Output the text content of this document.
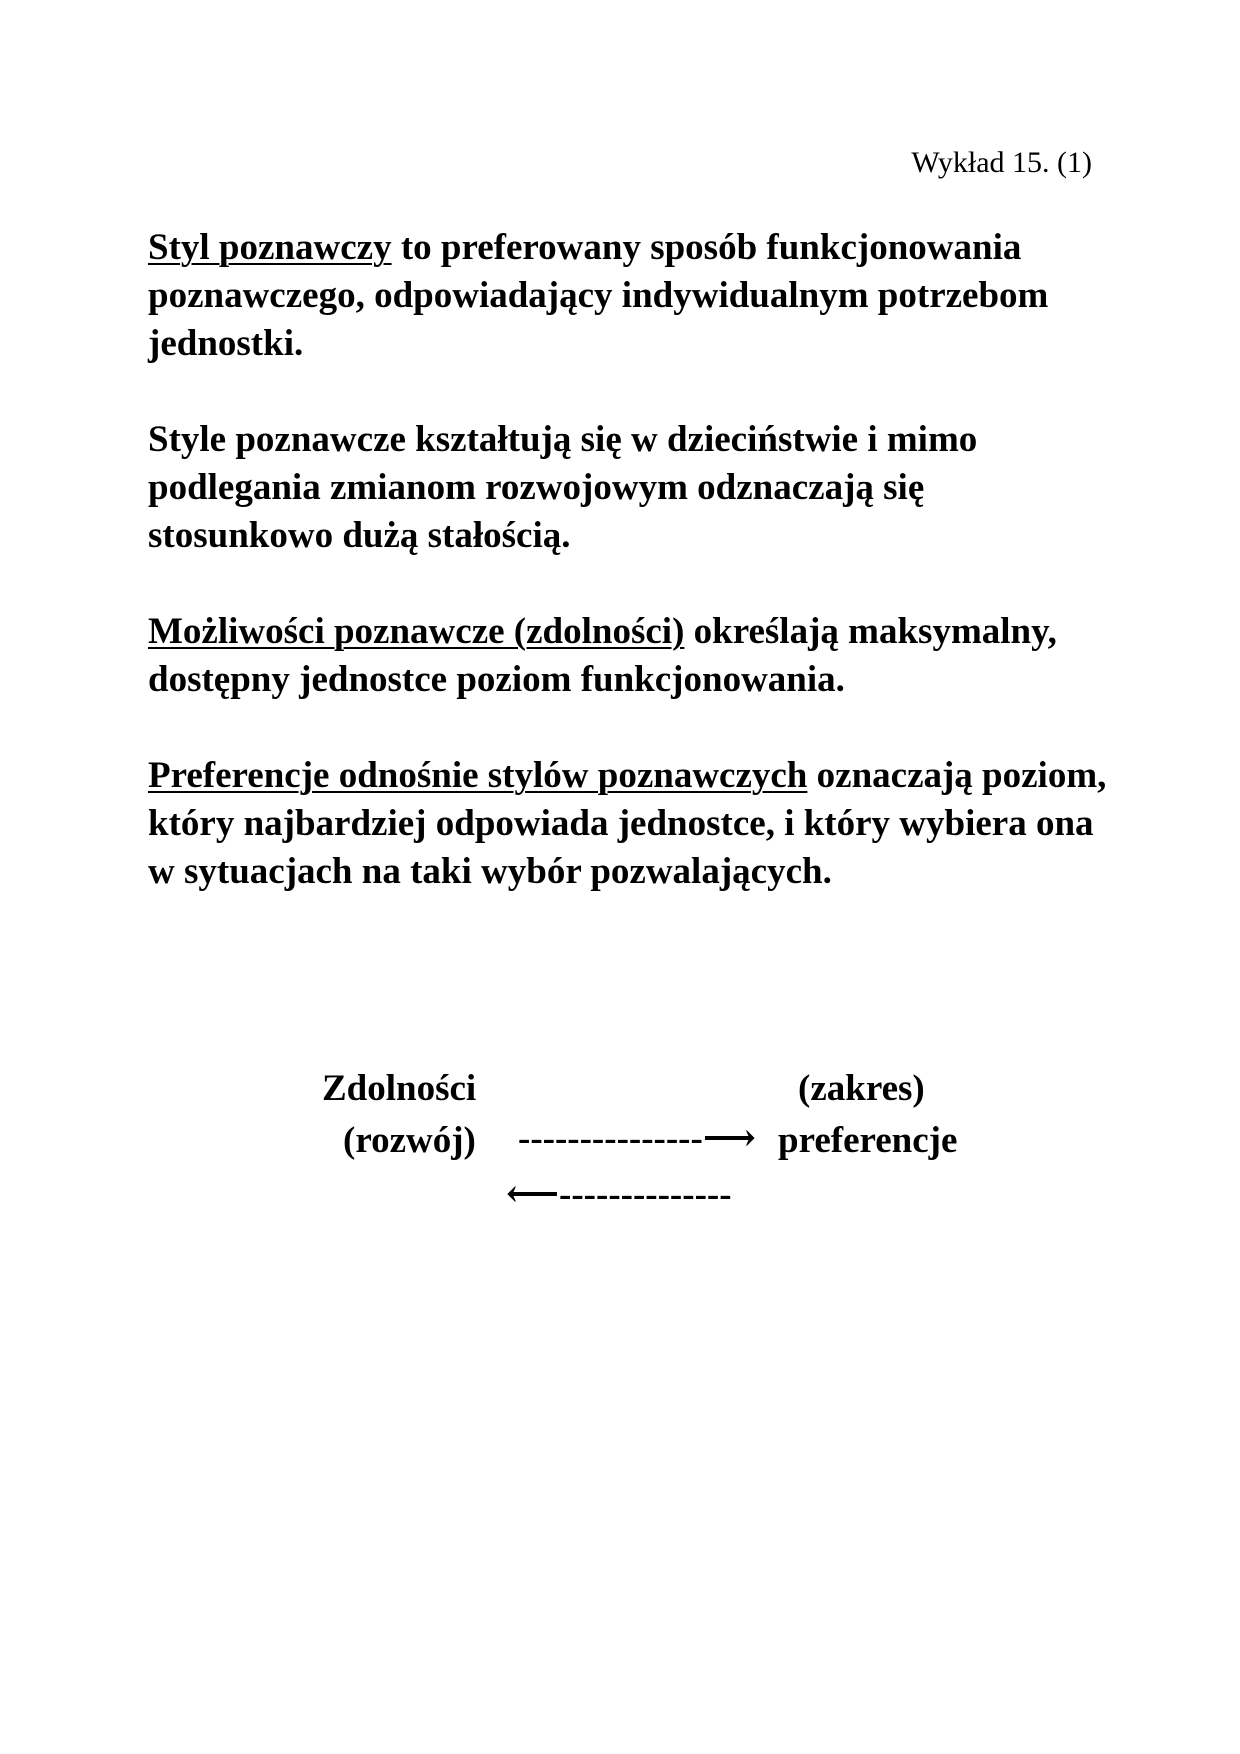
Wykład 15. (1)

Styl poznawczy to preferowany sposób funkcjonowania poznawczego, odpowiadający indywidualnym potrzebom jednostki.

Style poznawcze kształtują się w dzieciństwie i mimo podlegania zmianom rozwojowym odznaczają się stosunkowo dużą stałością.

Możliwości poznawcze (zdolności) określają maksymalny, dostępny jednostce poziom funkcjonowania.

Preferencje odnośnie stylów poznawczych oznaczają poziom, który najbardziej odpowiada jednostce, i który wybiera ona w sytuacjach na taki wybór pozwalających.

Zdolności	(zakres)
(rozwój) ---------------⟶ preferencje
⟵--------------
